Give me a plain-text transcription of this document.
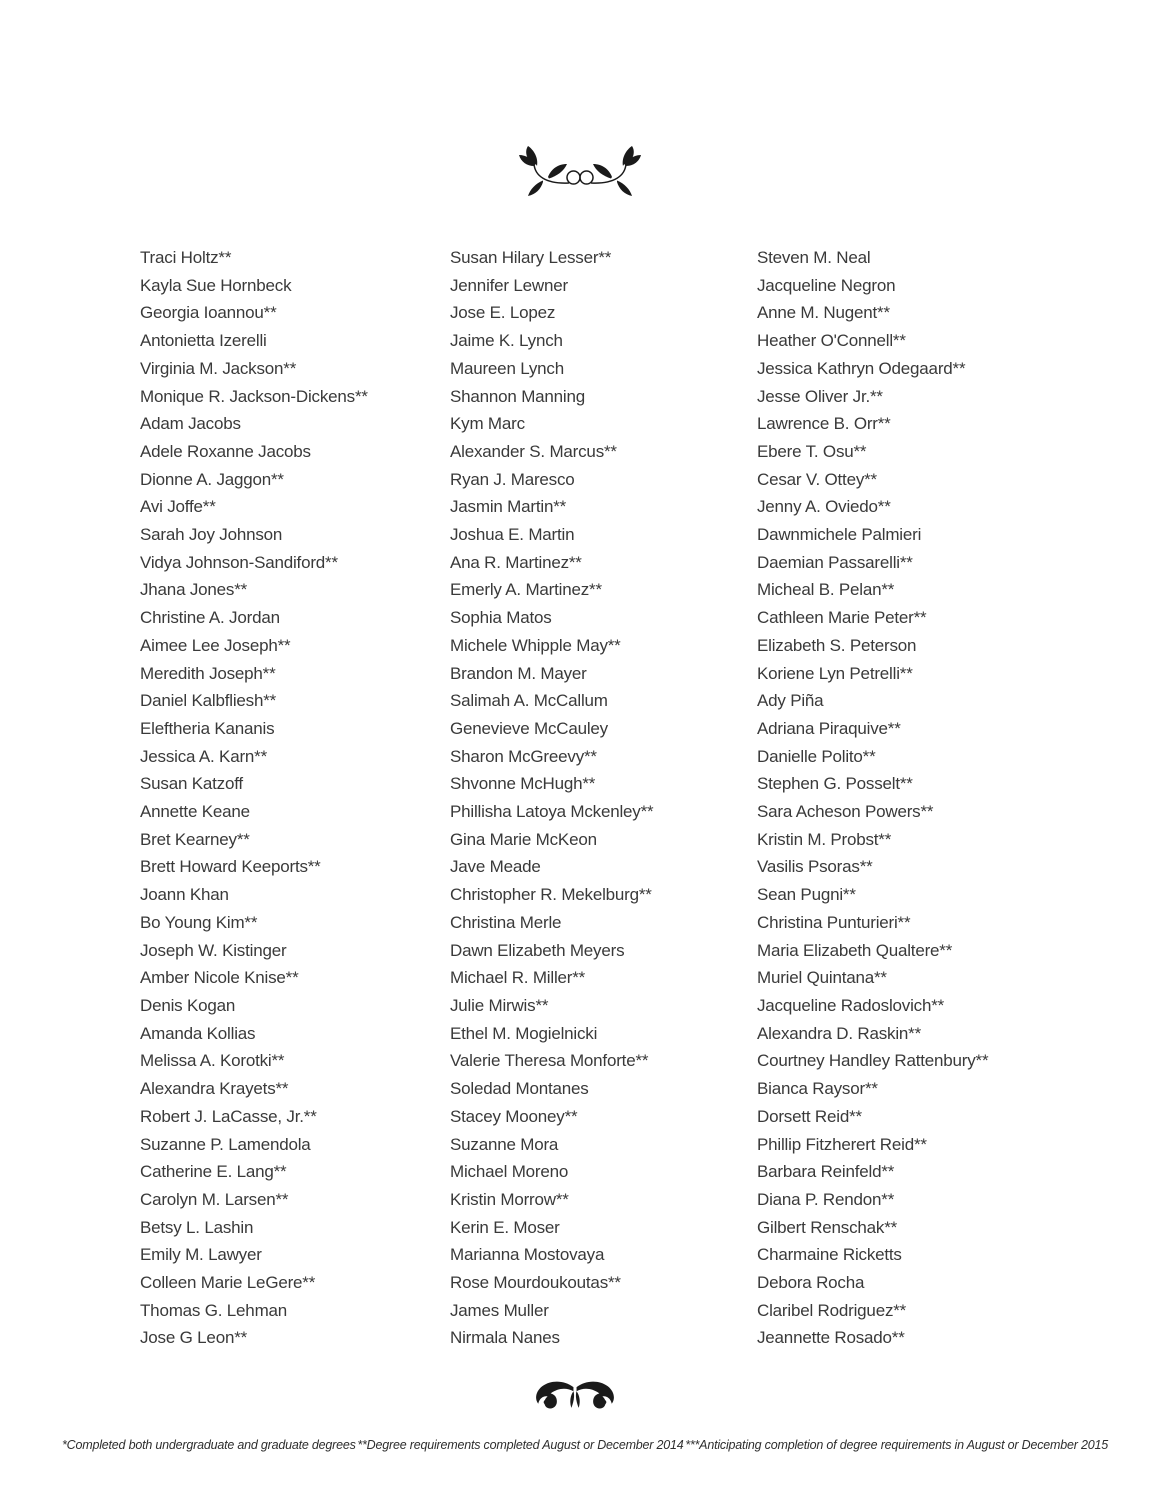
Traci Holtz**
Kayla Sue Hornbeck
Georgia Ioannou**
Antonietta Izerelli
Virginia M. Jackson**
Monique R. Jackson-Dickens**
Adam Jacobs
Adele Roxanne Jacobs
Dionne A. Jaggon**
Avi Joffe**
Sarah Joy Johnson
Vidya Johnson-Sandiford**
Jhana Jones**
Christine A. Jordan
Aimee Lee Joseph**
Meredith Joseph**
Daniel Kalbfliesh**
Eleftheria Kananis
Jessica A. Karn**
Susan Katzoff
Annette Keane
Bret Kearney**
Brett Howard Keeports**
Joann Khan
Bo Young Kim**
Joseph W. Kistinger
Amber Nicole Knise**
Denis Kogan
Amanda Kollias
Melissa A. Korotki**
Alexandra Krayets**
Robert J. LaCasse, Jr.**
Suzanne P. Lamendola
Catherine E. Lang**
Carolyn M. Larsen**
Betsy L. Lashin
Emily M. Lawyer
Colleen Marie LeGere**
Thomas G. Lehman
Jose G Leon**
Susan Hilary Lesser**
Jennifer Lewner
Jose E. Lopez
Jaime K. Lynch
Maureen Lynch
Shannon Manning
Kym Marc
Alexander S. Marcus**
Ryan J. Maresco
Jasmin Martin**
Joshua E. Martin
Ana R. Martinez**
Emerly A. Martinez**
Sophia Matos
Michele Whipple May**
Brandon M. Mayer
Salimah A. McCallum
Genevieve McCauley
Sharon McGreevy**
Shvonne McHugh**
Phillisha Latoya Mckenley**
Gina Marie McKeon
Jave Meade
Christopher R. Mekelburg**
Christina Merle
Dawn Elizabeth Meyers
Michael R. Miller**
Julie Mirwis**
Ethel M. Mogielnicki
Valerie Theresa Monforte**
Soledad Montanes
Stacey Mooney**
Suzanne Mora
Michael Moreno
Kristin Morrow**
Kerin E. Moser
Marianna Mostovaya
Rose Mourdoukoutas**
James Muller
Nirmala Nanes
Steven M. Neal
Jacqueline Negron
Anne M. Nugent**
Heather O'Connell**
Jessica Kathryn Odegaard**
Jesse Oliver Jr.**
Lawrence B. Orr**
Ebere T. Osu**
Cesar V. Ottey**
Jenny A. Oviedo**
Dawnmichele Palmieri
Daemian Passarelli**
Micheal B. Pelan**
Cathleen Marie Peter**
Elizabeth S. Peterson
Koriene Lyn Petrelli**
Ady Piña
Adriana Piraquive**
Danielle Polito**
Stephen G. Posselt**
Sara Acheson Powers**
Kristin M. Probst**
Vasilis Psoras**
Sean Pugni**
Christina Punturieri**
Maria Elizabeth Qualtere**
Muriel Quintana**
Jacqueline Radoslovich**
Alexandra D. Raskin**
Courtney Handley Rattenbury**
Bianca Raysor**
Dorsett Reid**
Phillip Fitzherert Reid**
Barbara Reinfeld**
Diana P. Rendon**
Gilbert Renschak**
Charmaine Ricketts
Debora Rocha
Claribel Rodriguez**
Jeannette Rosado**
*Completed both undergraduate and graduate degrees **Degree requirements completed August or December 2014 ***Anticipating completion of degree requirements in August or December 2015
